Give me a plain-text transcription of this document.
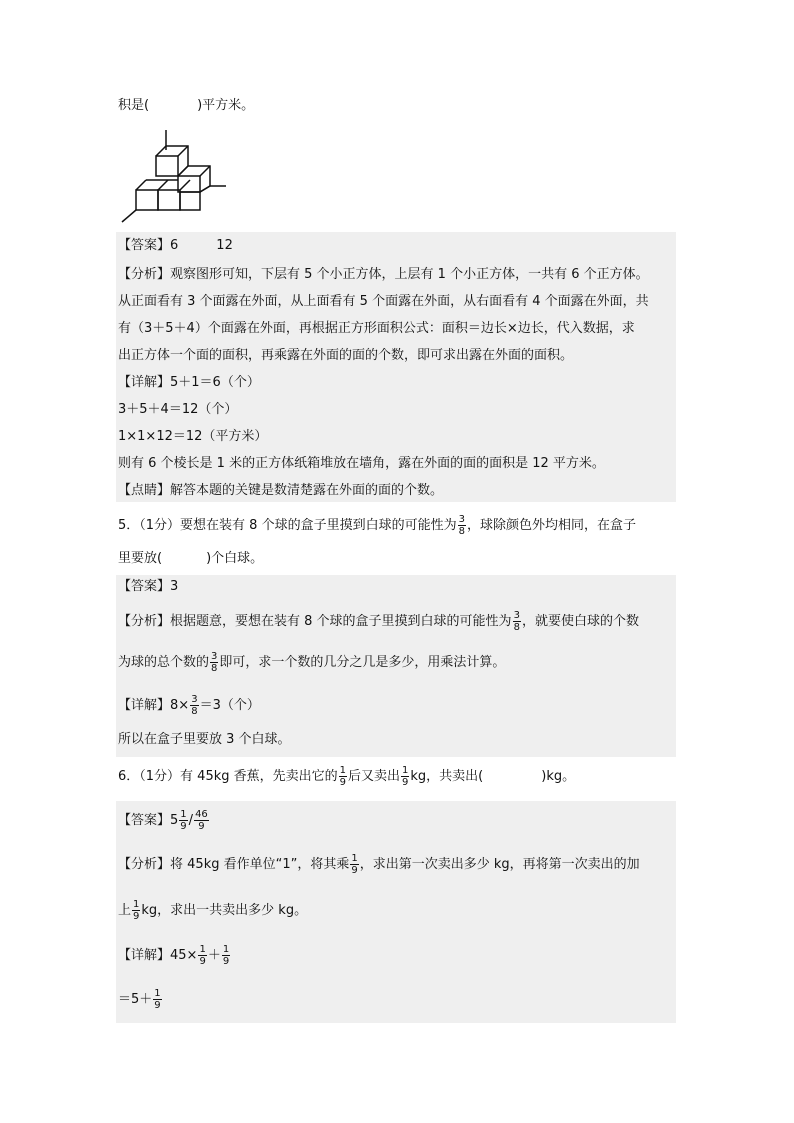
积是(	)平方米。
【答案】6	12
【分析】观察图形可知，下层有 5 个小正方体，上层有 1 个小正方体，一共有 6 个正方体。
从正面看有 3 个面露在外面，从上面看有 5 个面露在外面，从右面看有 4 个面露在外面，共
有（3＋5＋4）个面露在外面，再根据正方形面积公式：面积＝边长×边长，代入数据，求
出正方体一个面的面积，再乘露在外面的面的个数，即可求出露在外面的面积。
【详解】5＋1＝6（个）
3＋5＋4＝12（个）
1×1×12＝12（平方米）
则有 6 个棱长是 1 米的正方体纸箱堆放在墙角，露在外面的面的面积是 12 平方米。
【点睛】解答本题的关键是数清楚露在外面的面的个数。
5．（1分）要想在装有 8 个球的盒子里摸到白球的可能性为 $\frac{3}{8}$ ，球除颜色外均相同，在盒子
里要放(	)个白球。
【答案】3
【分析】根据题意，要想在装有 8 个球的盒子里摸到白球的可能性为 $\frac{3}{8}$ ，就要使白球的个数
为球的总个数的 $\frac{3}{8}$ 即可，求一个数的几分之几是多少，用乘法计算。
【详解】$8\times \frac{3}{8} =3$（个）
所以在盒子里要放 3 个白球。
6．（1分）有 45kg 香蕉，先卖出它的 $\frac{1}{9}$ 后又卖出 $\frac{1}{9}$ kg，共卖出(	)kg。
【答案】$5 \frac{1}{9} / \frac{46}{9}$
【分析】将 45kg 看作单位“1”，将其乘 $\frac{1}{9}$ ，求出第一次卖出多少 kg，再将第一次卖出的加
上 $\frac{1}{9}$ kg，求出一共卖出多少 kg。
【详解】$45\times \frac{1}{9} + \frac{1}{9}$
$=5+ \frac{1}{9}$
